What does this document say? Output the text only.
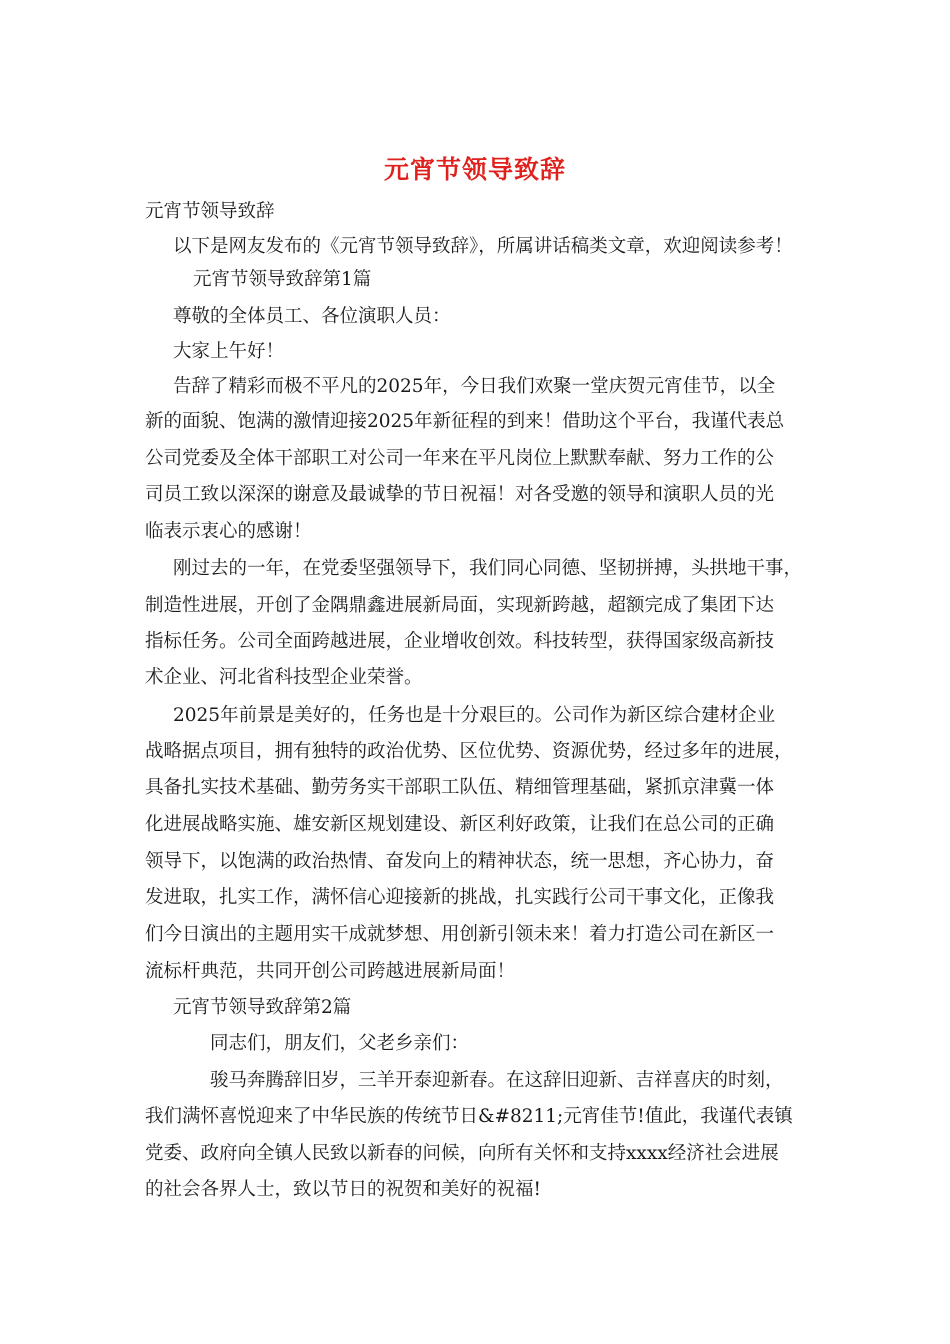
元宵节领导致辞
元宵节领导致辞
以下是网友发布的《元宵节领导致辞》，所属讲话稿类文章，欢迎阅读参考！
元宵节领导致辞第1篇
尊敬的全体员工、各位演职人员：
大家上午好！
告辞了精彩而极不平凡的2025年，今日我们欢聚一堂庆贺元宵佳节，以全
新的面貌、饱满的激情迎接2025年新征程的到来！借助这个平台，我谨代表总
公司党委及全体干部职工对公司一年来在平凡岗位上默默奉献、努力工作的公
司员工致以深深的谢意及最诚挚的节日祝福！对各受邀的领导和演职人员的光
临表示衷心的感谢！
刚过去的一年，在党委坚强领导下，我们同心同德、坚韧拼搏，头拱地干事，
制造性进展，开创了金隅鼎鑫进展新局面，实现新跨越，超额完成了集团下达
指标任务。公司全面跨越进展，企业增收创效。科技转型，获得国家级高新技
术企业、河北省科技型企业荣誉。
2025年前景是美好的，任务也是十分艰巨的。公司作为新区综合建材企业
战略据点项目，拥有独特的政治优势、区位优势、资源优势，经过多年的进展，
具备扎实技术基础、勤劳务实干部职工队伍、精细管理基础，紧抓京津冀一体
化进展战略实施、雄安新区规划建设、新区利好政策，让我们在总公司的正确
领导下，以饱满的政治热情、奋发向上的精神状态，统一思想，齐心协力，奋
发进取，扎实工作，满怀信心迎接新的挑战，扎实践行公司干事文化，正像我
们今日演出的主题用实干成就梦想、用创新引领未来！着力打造公司在新区一
流标杆典范，共同开创公司跨越进展新局面！
元宵节领导致辞第2篇
同志们，朋友们，父老乡亲们：
骏马奔腾辞旧岁，三羊开泰迎新春。在这辞旧迎新、吉祥喜庆的时刻，
我们满怀喜悦迎来了中华民族的传统节日&#8211;元宵佳节!值此，我谨代表镇
党委、政府向全镇人民致以新春的问候，向所有关怀和支持xxxx经济社会进展
的社会各界人士，致以节日的祝贺和美好的祝福!
